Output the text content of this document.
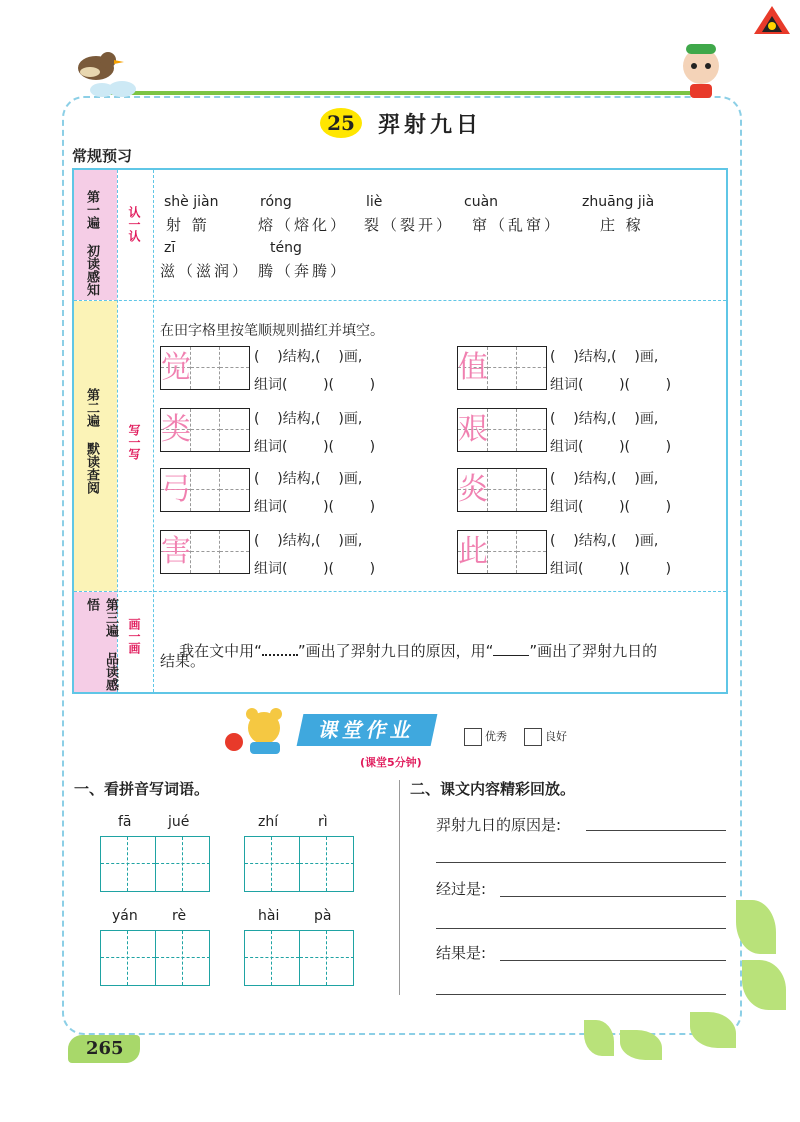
25	羿射九日
常规预习
第一遍 初读感知 认一认
第二遍 默读查阅 写一写
第三遍 品读感悟
画一画
shè jiàn
射 箭
róng
熔（熔化）
liè
裂（裂开）
cuàn
窜（乱窜）
zhuāng jià
庄 稼
zī
滋（滋润）
téng
腾（奔腾）
在田字格里按笔顺规则描红并填空。
觉	(    )结构,(    )画,
组词(        )(        )
类	(    )结构,(    )画,
组词(        )(        )
弓	(    )结构,(    )画,
组词(        )(        )
害	(    )结构,(    )画,
组词(        )(        )
值	(    )结构,(    )画,
组词(        )(        )
艰	(    )结构,(    )画,
组词(        )(        )
炎	(    )结构,(    )画,
组词(        )(        )
此	(    )结构,(    )画,
组词(        )(        )

我在文中用“ ”画出了羿射九日的原因，用“ ”画出了羿射九日的

结果。
课堂作业	优秀	良好
(课堂5分钟)
一、看拼音写词语。
fā	jué	zhí	rì
yán rè	hài pà
二、课文内容精彩回放。
羿射九日的原因是:
经过是:
结果是:
265
